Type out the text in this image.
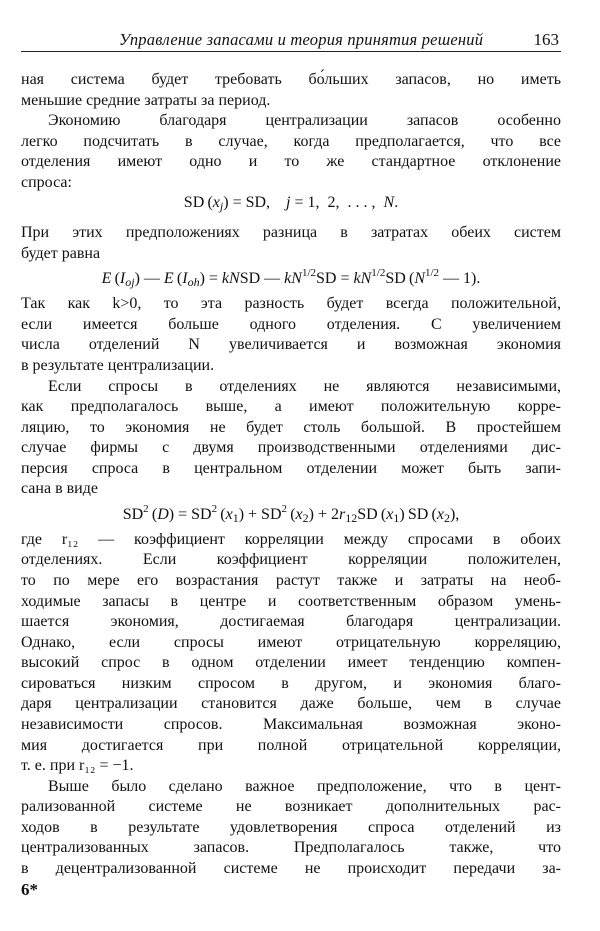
Управление запасами и теория принятия решений	163
ная система будет требовать бо́льших запасов, но иметь
меньшие средние затраты за период.
Экономию благодаря централизации запасов особенно
легко подсчитать в случае, когда предполагается, что все
отделения имеют одно и то же стандартное отклонение
спроса:
SD $(x_j)$ = SD,    j = 1,  2,  . . . ,  N.
При этих предположениях разница в затратах обеих систем
будет равна
E $(I_{oj})$ — E $(I_{oh})$ = kNSD — $kN^{1/2}SD = kN^{1/2}SD$ ($N^{1/2}$ — 1).
Так как k>0, то эта разность будет всегда положительной,
если имеется больше одного отделения. С увеличением
числа отделений N увеличивается и возможная экономия
в результате централизации.
Если спросы в отделениях не являются независимыми,
как предполагалось выше, а имеют положительную корре-
ляцию, то экономия не будет столь большой. В простейшем
случае фирмы с двумя производственными отделениями дис-
персия спроса в центральном отделении может быть запи-
сана в виде
$SD^2$ $(D) = SD^2$ $(x_1) + SD^2$ $(x_2) + 2r_{12}SD$ $(x_1)$ SD $(x_2)$,
где r₁₂ — коэффициент корреляции между спросами в обоих
отделениях. Если коэффициент корреляции положителен,
то по мере его возрастания растут также и затраты на необ-
ходимые запасы в центре и соответственным образом умень-
шается экономия, достигаемая благодаря централизации.
Однако, если спросы имеют отрицательную корреляцию,
высокий спрос в одном отделении имеет тенденцию компен-
сироваться низким спросом в другом, и экономия благо-
даря централизации становится даже больше, чем в случае
независимости спросов. Максимальная возможная эконо-
мия достигается при полной отрицательной корреляции,
т. е. при r₁₂ = −1.
Выше было сделано важное предположение, что в цент-
рализованной системе не возникает дополнительных рас-
ходов в результате удовлетворения спроса отделений из
централизованных запасов. Предполагалось также, что
в децентрализованной системе не происходит передачи за-
6*
